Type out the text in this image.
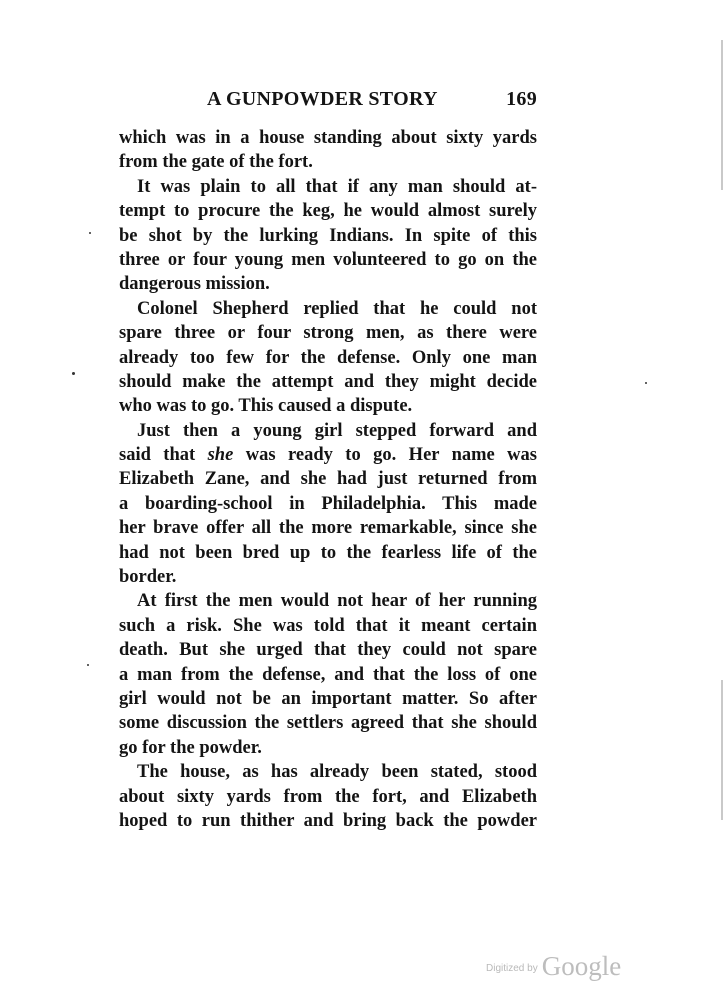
A GUNPOWDER STORY	169
which was in a house standing about sixty yards
from the gate of the fort.
It was plain to all that if any man should at-
tempt to procure the keg, he would almost surely
be shot by the lurking Indians. In spite of this
three or four young men volunteered to go on the
dangerous mission.
Colonel Shepherd replied that he could not
spare three or four strong men, as there were
already too few for the defense. Only one man
should make the attempt and they might decide
who was to go. This caused a dispute.
Just then a young girl stepped forward and
said that she was ready to go. Her name was
Elizabeth Zane, and she had just returned from
a boarding-school in Philadelphia. This made
her brave offer all the more remarkable, since she
had not been bred up to the fearless life of the
border.
At first the men would not hear of her running
such a risk. She was told that it meant certain
death. But she urged that they could not spare
a man from the defense, and that the loss of one
girl would not be an important matter. So after
some discussion the settlers agreed that she should
go for the powder.
The house, as has already been stated, stood
about sixty yards from the fort, and Elizabeth
hoped to run thither and bring back the powder
$^{Digitized by}$ Google
